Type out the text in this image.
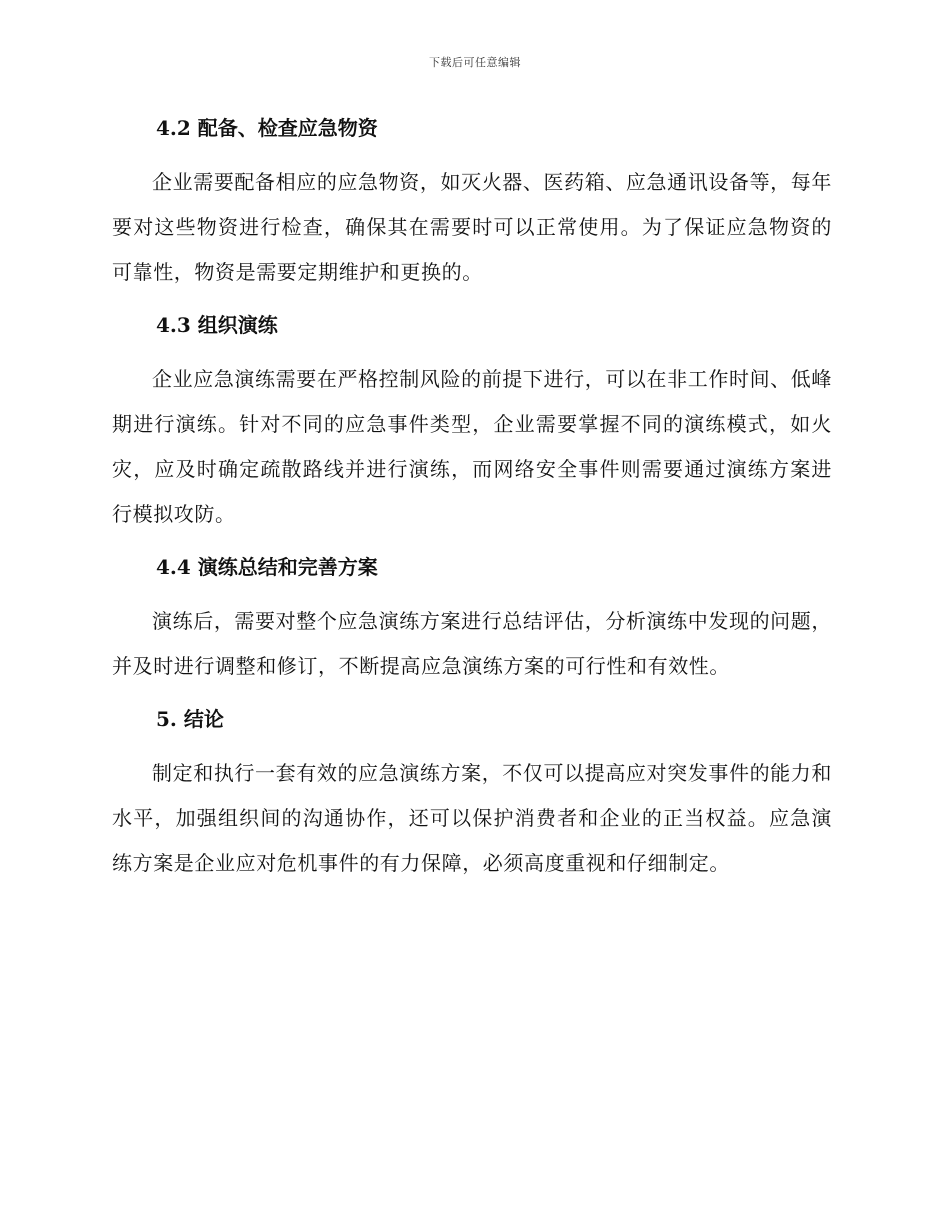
下载后可任意编辑
4.2 配备、检查应急物资

企业需要配备相应的应急物资，如灭火器、医药箱、应急通讯设备等，每年要对这些物资进行检查，确保其在需要时可以正常使用。为了保证应急物资的可靠性，物资是需要定期维护和更换的。

4.3 组织演练

企业应急演练需要在严格控制风险的前提下进行，可以在非工作时间、低峰期进行演练。针对不同的应急事件类型，企业需要掌握不同的演练模式，如火灾，应及时确定疏散路线并进行演练，而网络安全事件则需要通过演练方案进行模拟攻防。

4.4 演练总结和完善方案

演练后，需要对整个应急演练方案进行总结评估，分析演练中发现的问题，并及时进行调整和修订，不断提高应急演练方案的可行性和有效性。

5. 结论

制定和执行一套有效的应急演练方案，不仅可以提高应对突发事件的能力和水平，加强组织间的沟通协作，还可以保护消费者和企业的正当权益。应急演练方案是企业应对危机事件的有力保障，必须高度重视和仔细制定。
